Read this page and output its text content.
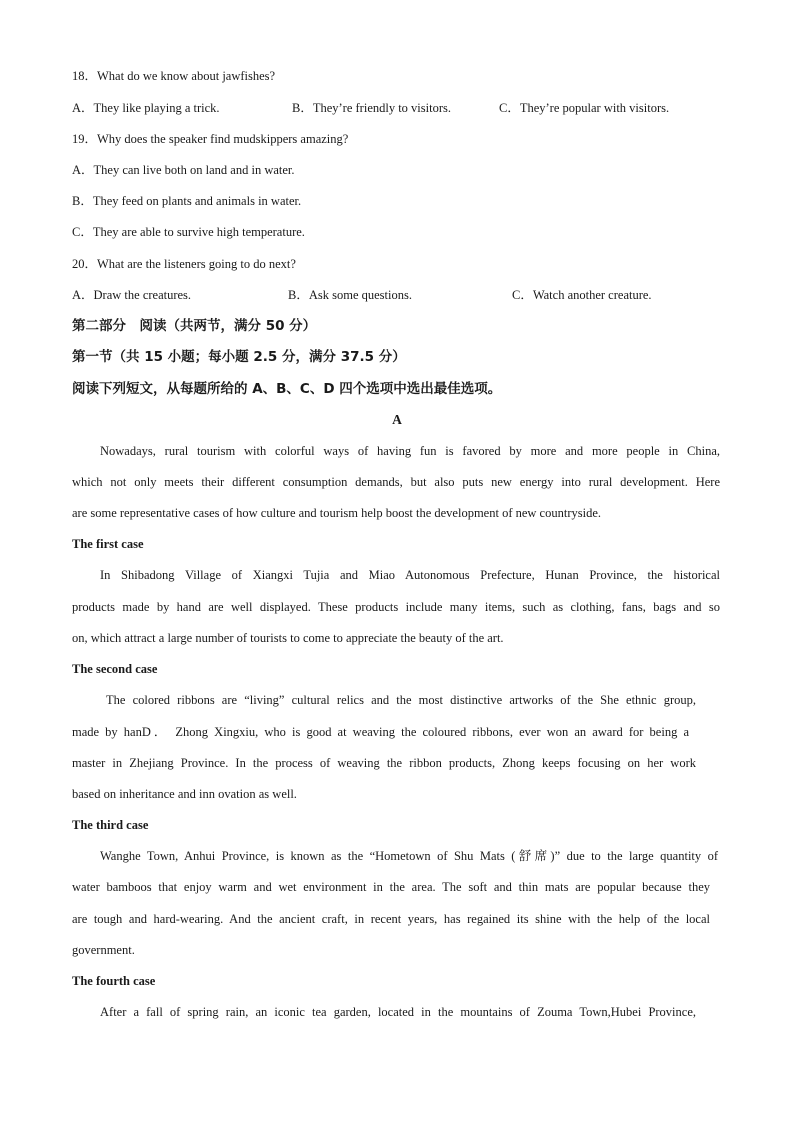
18．What do we know about jawfishes?
A．They like playing a trick.	B．They’re friendly to visitors.	C．They’re popular with visitors.
19．Why does the speaker find mudskippers amazing?
A．They can live both on land and in water.
B．They feed on plants and animals in water.
C．They are able to survive high temperature.
20．What are the listeners going to do next?
A．Draw the creatures.	B．Ask some questions.	C．Watch another creature.
第二部分　阅读（共两节，满分 50 分）
第一节（共 15 小题；每小题 2.5 分，满分 37.5 分）
阅读下列短文，从每题所给的 A、B、C、D 四个选项中选出最佳选项。
A
Nowadays, rural tourism with colorful ways of having fun is favored by more and more people in China,
which not only meets their different consumption demands, but also puts new energy into rural development. Here
are some representative cases of how culture and tourism help boost the development of new countryside.
The first case
In Shibadong Village of Xiangxi Tujia and Miao Autonomous Prefecture, Hunan Province, the historical
products made by hand are well displayed. These products include many items, such as clothing, fans, bags and so
on, which attract a large number of tourists to come to appreciate the beauty of the art.
The second case
The colored ribbons are “living” cultural relics and the most distinctive artworks of the She ethnic group,
made by hanD． Zhong Xingxiu, who is good at weaving the coloured ribbons, ever won an award for being a
master in Zhejiang Province. In the process of weaving the ribbon products, Zhong keeps focusing on her work
based on inheritance and inn ovation as well.
The third case
Wanghe Town, Anhui Province, is known as the “Hometown of Shu Mats (舒席)” due to the large quantity of
water bamboos that enjoy warm and wet environment in the area. The soft and thin mats are popular because they
are tough and hard-wearing. And the ancient craft, in recent years, has regained its shine with the help of the local
government.
The fourth case
After a fall of spring rain, an iconic tea garden, located in the mountains of Zouma Town,Hubei Province,
